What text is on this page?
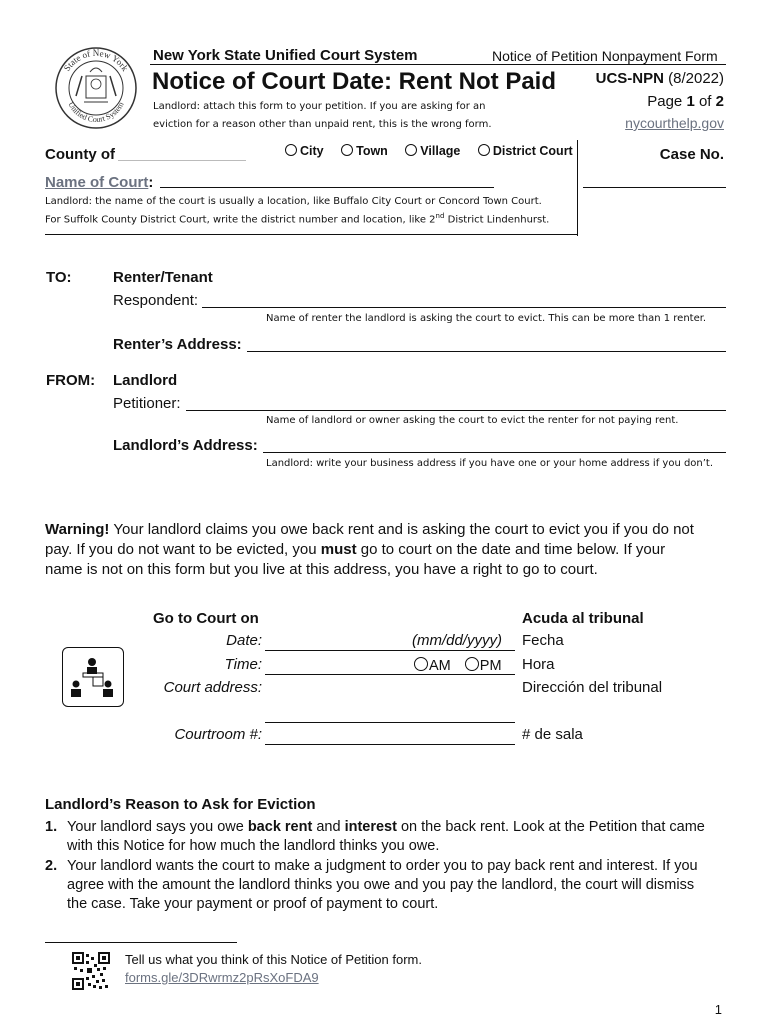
State of New York
Unified Court System
New York State Unified Court System	Notice of Petition Nonpayment Form
Notice of Court Date: Rent Not Paid	UCS-NPN (8/2022)
Page 1 of 2
nycourthelp.gov
Landlord: attach this form to your petition. If you are asking for an
eviction for a reason other than unpaid rent, this is the wrong form.
County of	City	Town	Village	District Court	Case No.
Name of Court:
Landlord: the name of the court is usually a location, like Buffalo City Court or Concord Town Court.
For Suffolk County District Court, write the district number and location, like 2nd District Lindenhurst.
TO:	Renter/Tenant
Respondent:
Name of renter the landlord is asking the court to evict. This can be more than 1 renter.
Renter’s Address:
FROM: Landlord
Petitioner:
Name of landlord or owner asking the court to evict the renter for not paying rent.
Landlord’s Address:
Landlord: write your business address if you have one or your home address if you don’t.
Warning! Your landlord claims you owe back rent and is asking the court to evict you if you do not
pay. If you do not want to be evicted, you must go to court on the date and time below. If your
name is not on this form but you live at this address, you have a right to go to court.
Go to Court on	Acuda al tribunal
Date:	(mm/dd/yyyy) Fecha
Time:	AM PM Hora
Court address:	Dirección del tribunal
Courtroom #:	# de sala
Landlord’s Reason to Ask for Eviction
1. Your landlord says you owe back rent and interest on the back rent. Look at the Petition that came
with this Notice for how much the landlord thinks you owe.
2. Your landlord wants the court to make a judgment to order you to pay back rent and interest. If you
agree with the amount the landlord thinks you owe and you pay the landlord, the court will dismiss
the case. Take your payment or proof of payment to court.
Tell us what you think of this Notice of Petition form.
forms.gle/3DRwrmz2pRsXoFDA9
1
